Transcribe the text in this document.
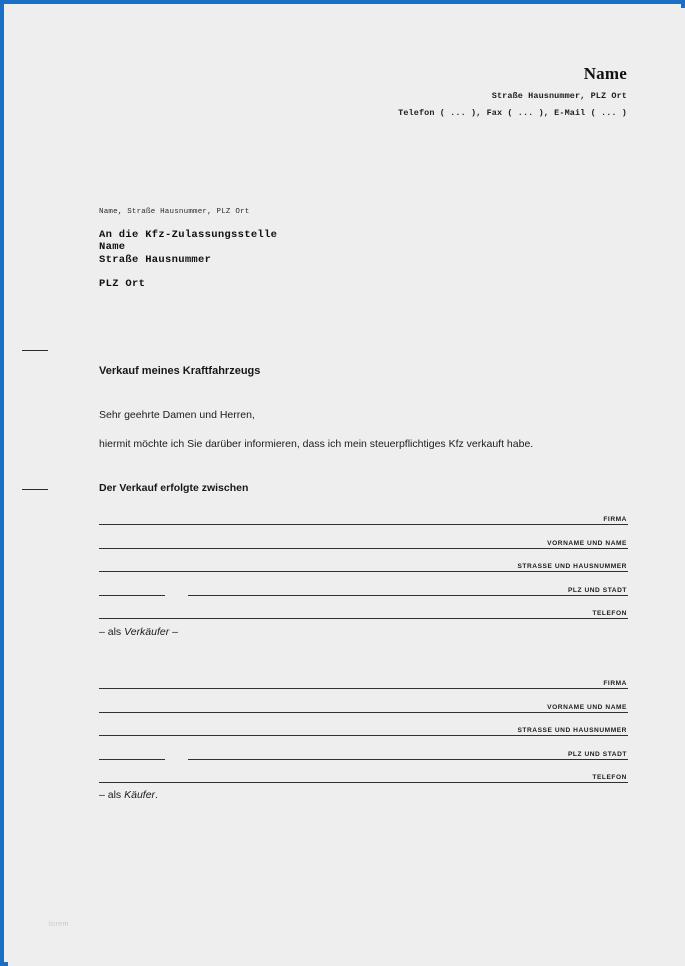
Name
Straße Hausnummer, PLZ Ort
Telefon ( ... ), Fax ( ... ), E-Mail ( ... )
Name, Straße Hausnummer, PLZ Ort
An die Kfz-Zulassungsstelle
Name
Straße Hausnummer
PLZ Ort
Verkauf meines Kraftfahrzeugs
Sehr geehrte Damen und Herren,
hiermit möchte ich Sie darüber informieren, dass ich mein steuerpflichtiges Kfz verkauft habe.
Der Verkauf erfolgte zwischen
FIRMA
VORNAME UND NAME
STRASSE UND HAUSNUMMER
PLZ UND STADT
TELEFON
– als Verkäufer –
FIRMA
VORNAME UND NAME
STRASSE UND HAUSNUMMER
PLZ UND STADT
TELEFON
– als Käufer.
lorem
